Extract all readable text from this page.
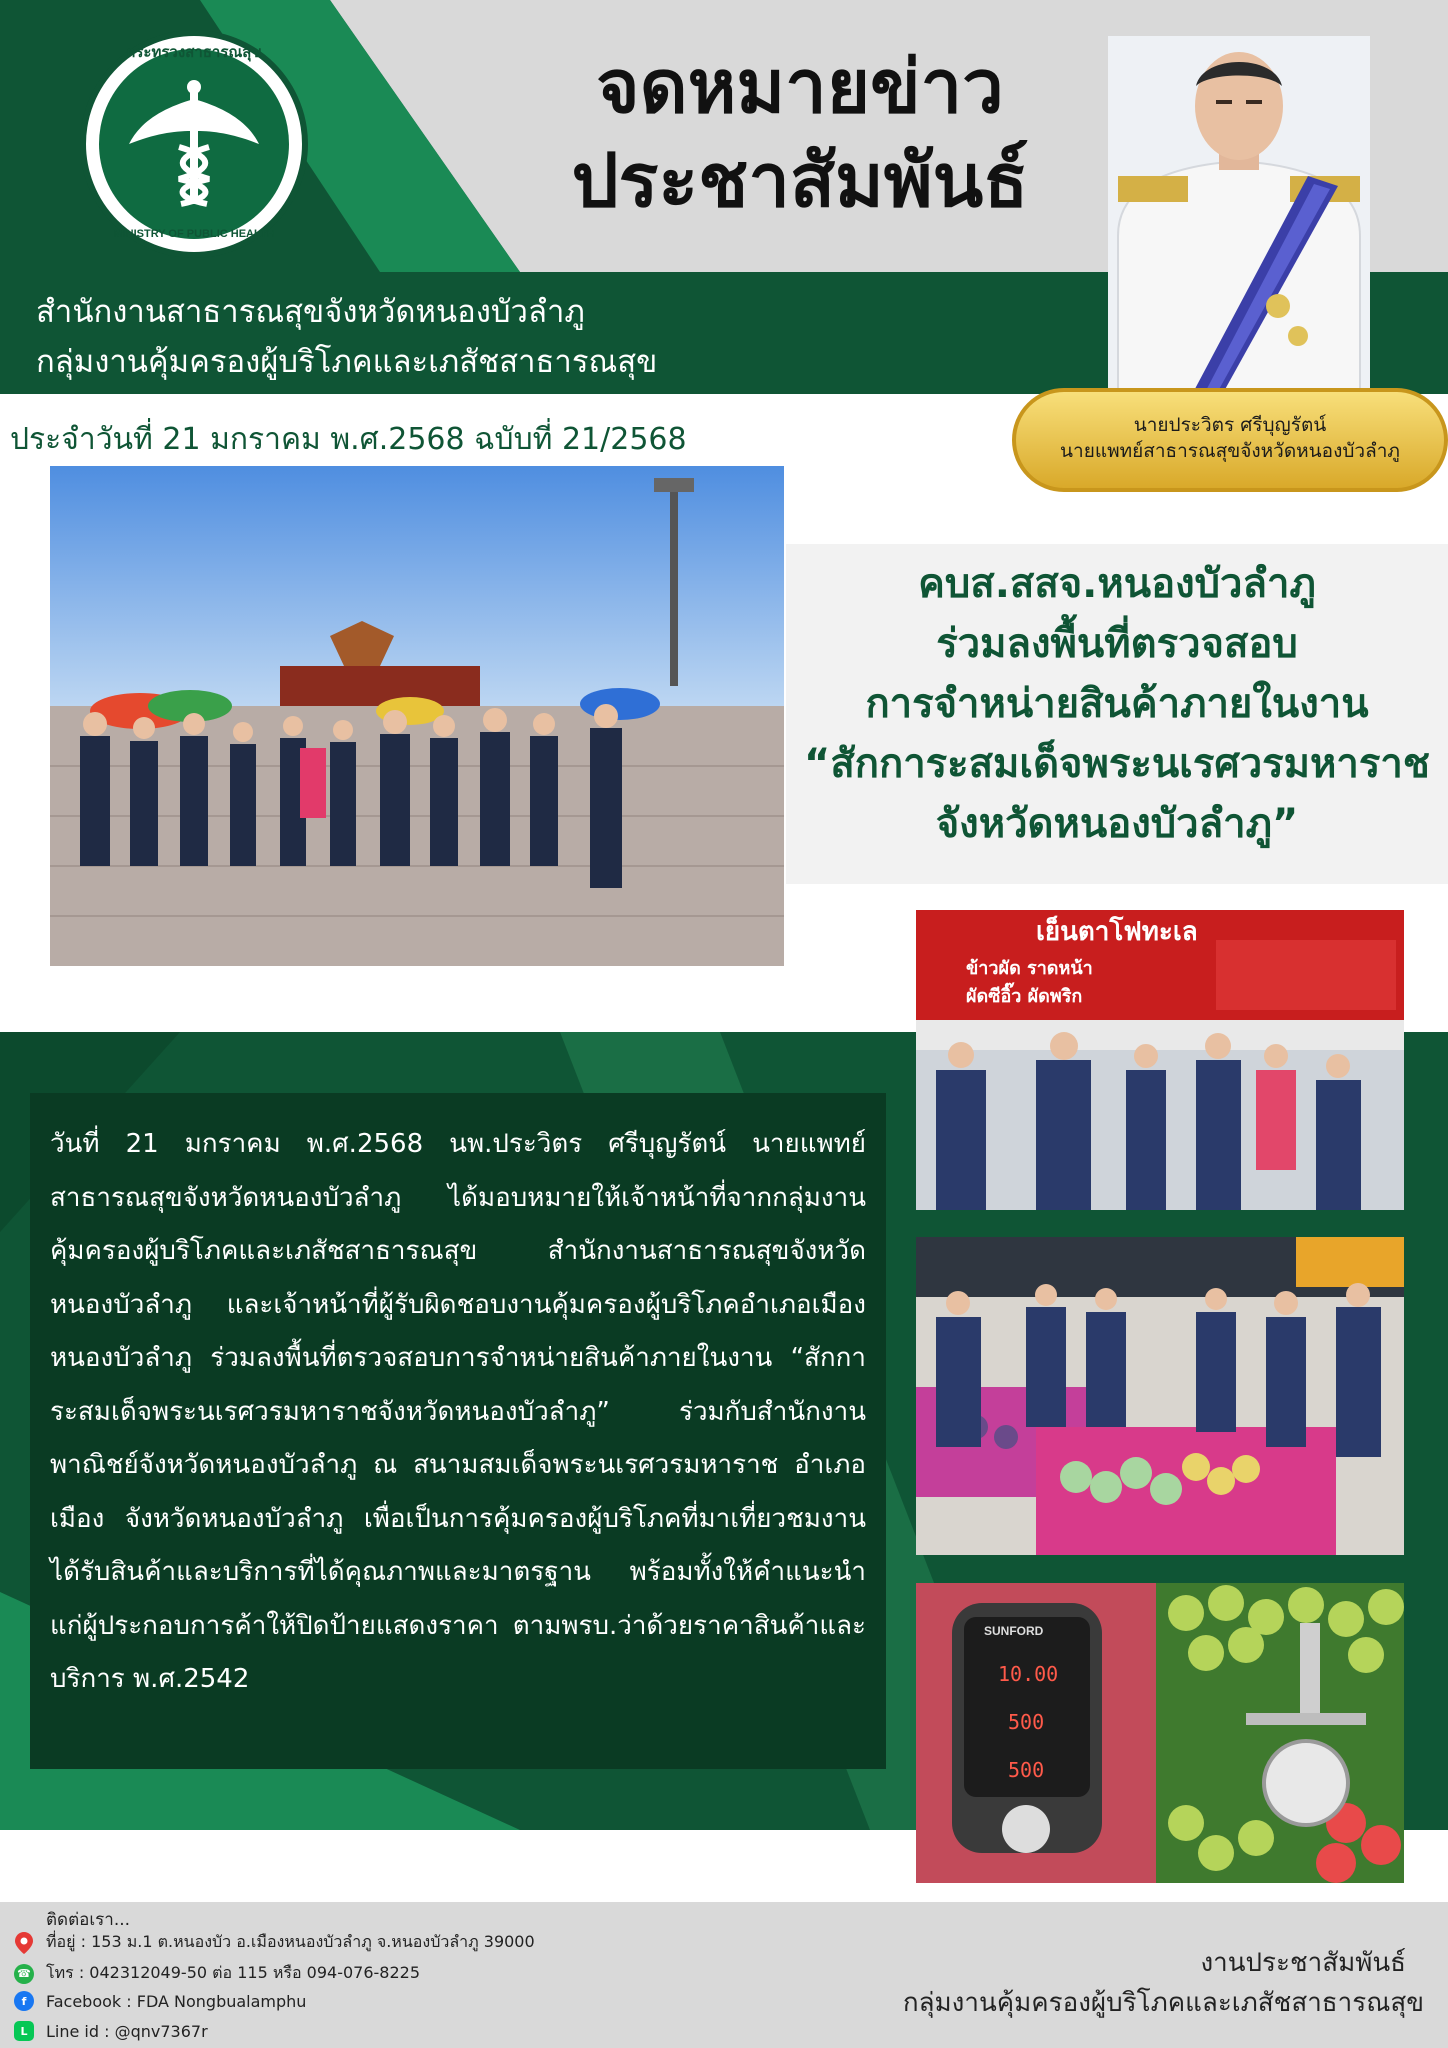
กระทรวงสาธารณสุข
MINISTRY OF PUBLIC HEALTH
จดหมายข่าว
ประชาสัมพันธ์
สำนักงานสาธารณสุขจังหวัดหนองบัวลำภู
กลุ่มงานคุ้มครองผู้บริโภคและเภสัชสาธารณสุข
นายประวิตร ศรีบุญรัตน์
นายแพทย์สาธารณสุขจังหวัดหนองบัวลำภู
ประจำวันที่ 21 มกราคม พ.ศ.2568 ฉบับที่ 21/2568
คบส.สสจ.หนองบัวลำภู
ร่วมลงพื้นที่ตรวจสอบ
การจำหน่ายสินค้าภายในงาน
“สักการะสมเด็จพระนเรศวรมหาราช
จังหวัดหนองบัวลำภู”
วันที่ 21 มกราคม พ.ศ.2568 นพ.ประวิตร ศรีบุญรัตน์ นายแพทย์สาธารณสุขจังหวัดหนองบัวลำภู ได้มอบหมายให้เจ้าหน้าที่จากกลุ่มงานคุ้มครองผู้บริโภคและเภสัชสาธารณสุข สำนักงานสาธารณสุขจังหวัดหนองบัวลำภู และเจ้าหน้าที่ผู้รับผิดชอบงานคุ้มครองผู้บริโภคอำเภอเมืองหนองบัวลำภู ร่วมลงพื้นที่ตรวจสอบการจำหน่ายสินค้าภายในงาน “สักการะสมเด็จพระนเรศวรมหาราชจังหวัดหนองบัวลำภู” ร่วมกับสำนักงานพาณิชย์จังหวัดหนองบัวลำภู ณ สนามสมเด็จพระนเรศวรมหาราช อำเภอเมือง จังหวัดหนองบัวลำภู เพื่อเป็นการคุ้มครองผู้บริโภคที่มาเที่ยวชมงานได้รับสินค้าและบริการที่ได้คุณภาพและมาตรฐาน พร้อมทั้งให้คำแนะนำแก่ผู้ประกอบการค้าให้ปิดป้ายแสดงราคา ตามพรบ.ว่าด้วยราคาสินค้าและบริการ พ.ศ.2542
เย็นตาโฟทะเล
ข้าวผัด ราดหน้า
ผัดซีอิ๊ว ผัดพริก
SUNFORD
10.00
500
500
ติดต่อเรา...
ที่อยู่ : 153 ม.1 ต.หนองบัว อ.เมืองหนองบัวลำภู จ.หนองบัวลำภู 39000
☎ โทร : 042312049-50 ต่อ 115 หรือ 094-076-8225
f	Facebook : FDA Nongbualamphu
L	Line id : @qnv7367r
งานประชาสัมพันธ์
กลุ่มงานคุ้มครองผู้บริโภคและเภสัชสาธารณสุข
